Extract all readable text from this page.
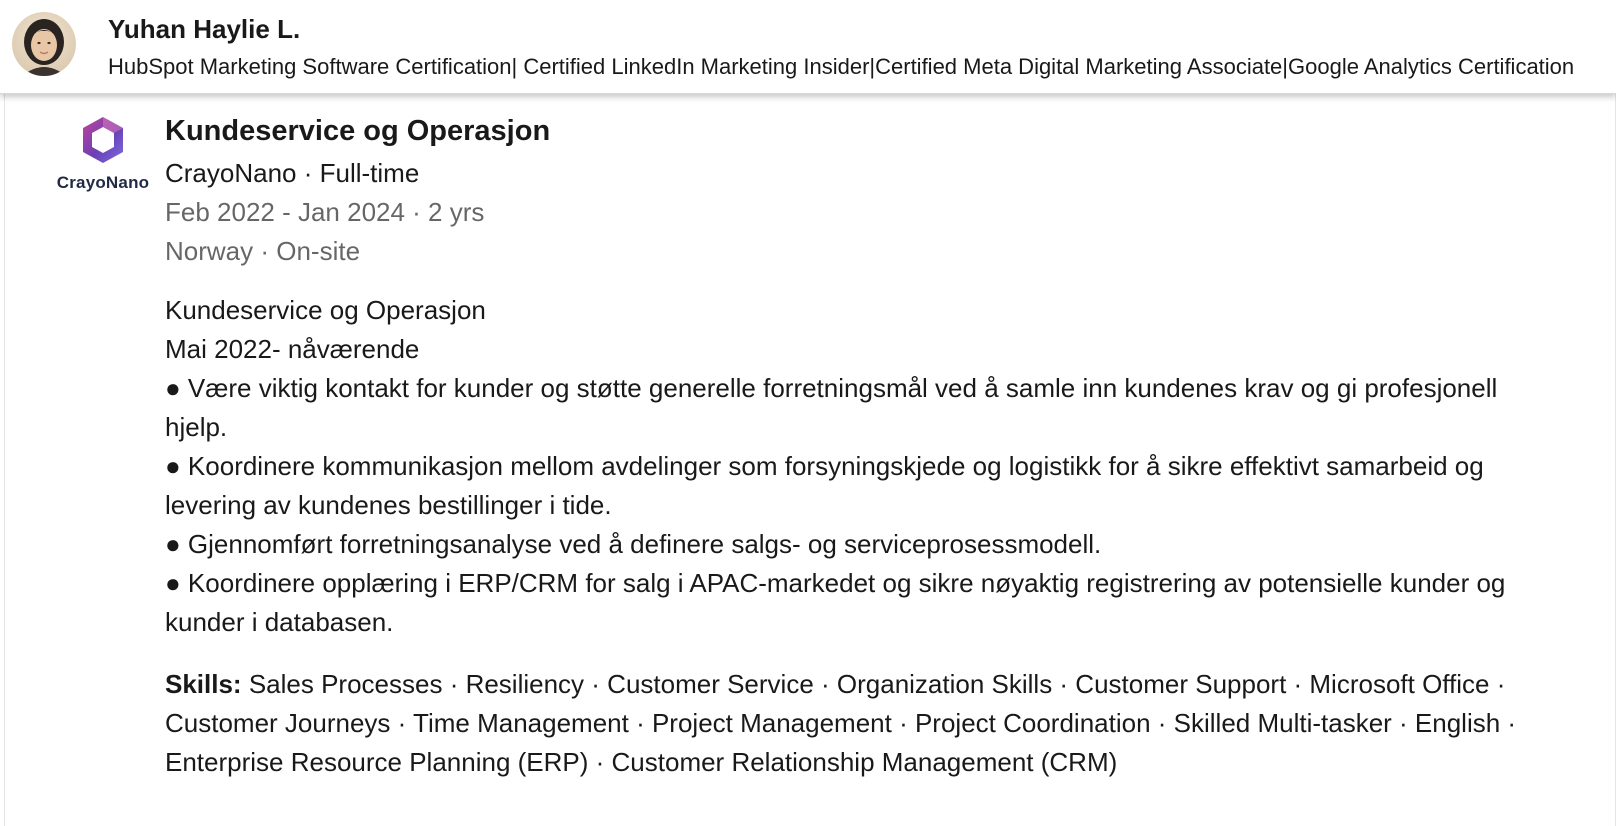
Yuhan Haylie L.
HubSpot Marketing Software Certification| Certified LinkedIn Marketing Insider|Certified Meta Digital Marketing Associate|Google Analytics Certification
CrayoNano
Kundeservice og Operasjon
CrayoNano · Full-time
Feb 2022 - Jan 2024 · 2 yrs
Norway · On-site
Kundeservice og Operasjon
Mai 2022- nåværende
● Være viktig kontakt for kunder og støtte generelle forretningsmål ved å samle inn kundenes krav og gi profesjonell hjelp.
● Koordinere kommunikasjon mellom avdelinger som forsyningskjede og logistikk for å sikre effektivt samarbeid og levering av kundenes bestillinger i tide.
● Gjennomført forretningsanalyse ved å definere salgs- og serviceprosessmodell.
● Koordinere opplæring i ERP/CRM for salg i APAC-markedet og sikre nøyaktig registrering av potensielle kunder og kunder i databasen.
Skills: Sales Processes · Resiliency · Customer Service · Organization Skills · Customer Support · Microsoft Office · Customer Journeys · Time Management · Project Management · Project Coordination · Skilled Multi-tasker · English · Enterprise Resource Planning (ERP) · Customer Relationship Management (CRM)
